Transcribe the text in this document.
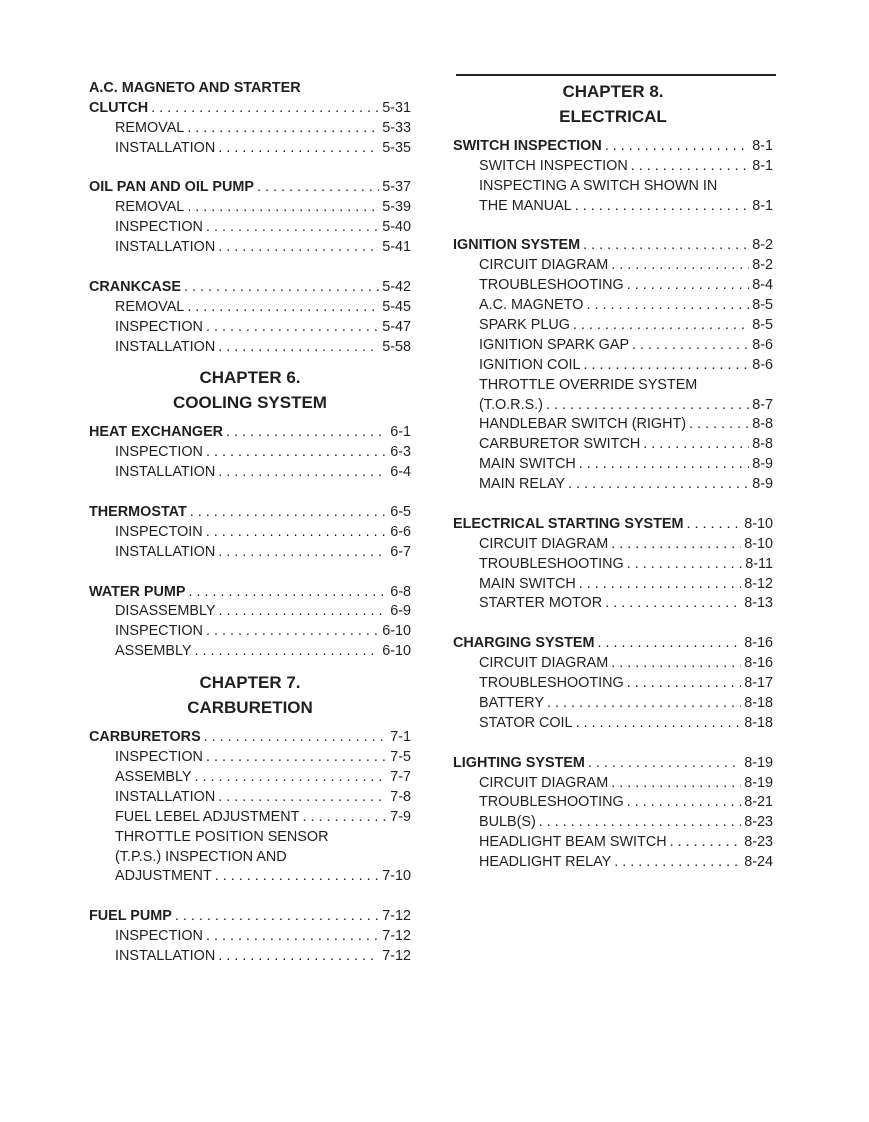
A.C. MAGNETO AND STARTER
CLUTCH . . .	5-31
REMOVAL . . .	5-33
INSTALLATION . . .	5-35
OIL PAN AND OIL PUMP . . .	5-37
REMOVAL . . .	5-39
INSPECTION . . .	5-40
INSTALLATION . . .	5-41
CRANKCASE . . .	5-42
REMOVAL . . .	5-45
INSPECTION . . .	5-47
INSTALLATION . . .	5-58
CHAPTER 6.
COOLING SYSTEM
HEAT EXCHANGER . . .	6-1
INSPECTION . . .	6-3
INSTALLATION . . .	6-4
THERMOSTAT . . .	6-5
INSPECTOIN . . .	6-6
INSTALLATION . . .	6-7
WATER PUMP . . .	6-8
DISASSEMBLY . . .	6-9
INSPECTION . . .	6-10
ASSEMBLY . . .	6-10
CHAPTER 7.
CARBURETION
CARBURETORS . . .	7-1
INSPECTION . . .	7-5
ASSEMBLY . . .	7-7
INSTALLATION . . .	7-8
FUEL LEBEL ADJUSTMENT . . .	7-9
THROTTLE POSITION SENSOR
(T.P.S.) INSPECTION AND
ADJUSTMENT . . .	7-10
FUEL PUMP . . .	7-12
INSPECTION . . .	7-12
INSTALLATION . . .	7-12
CHAPTER 8.
ELECTRICAL
SWITCH INSPECTION . . .	8-1
SWITCH INSPECTION . . .	8-1
INSPECTING A SWITCH SHOWN IN
THE MANUAL . . .	8-1
IGNITION SYSTEM . . .	8-2
CIRCUIT DIAGRAM . . .	8-2
TROUBLESHOOTING . . .	8-4
A.C. MAGNETO . . .	8-5
SPARK PLUG . . .	8-5
IGNITION SPARK GAP . . .	8-6
IGNITION COIL . . .	8-6
THROTTLE OVERRIDE SYSTEM
(T.O.R.S.) . . .	8-7
HANDLEBAR SWITCH (RIGHT) . . .	8-8
CARBURETOR SWITCH . . .	8-8
MAIN SWITCH . . .	8-9
MAIN RELAY . . .	8-9
ELECTRICAL STARTING SYSTEM . . .	8-10
CIRCUIT DIAGRAM . . .	8-10
TROUBLESHOOTING . . .	8-11
MAIN SWITCH . . .	8-12
STARTER MOTOR . . .	8-13
CHARGING SYSTEM . . .	8-16
CIRCUIT DIAGRAM . . .	8-16
TROUBLESHOOTING . . .	8-17
BATTERY . . .	8-18
STATOR COIL . . .	8-18
LIGHTING SYSTEM . . .	8-19
CIRCUIT DIAGRAM . . .	8-19
TROUBLESHOOTING . . .	8-21
BULB(S) . . .	8-23
HEADLIGHT BEAM SWITCH . . .	8-23
HEADLIGHT RELAY . . .	8-24
